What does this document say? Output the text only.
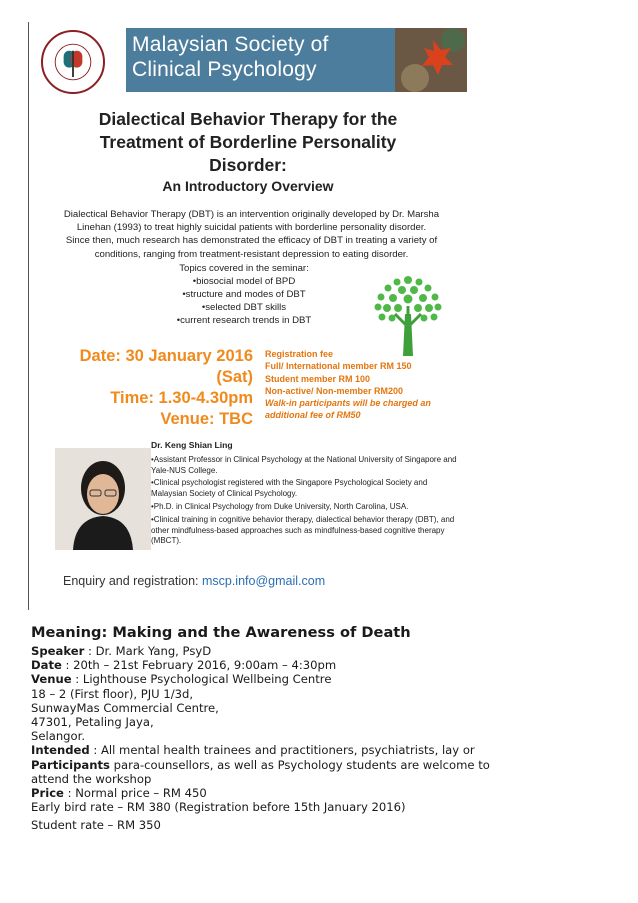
Malaysian Society of
Clinical Psychology
Dialectical Behavior Therapy for the
Treatment of Borderline Personality
Disorder:
An Introductory Overview
Dialectical Behavior Therapy (DBT) is an intervention originally developed by Dr. Marsha
Linehan (1993) to treat highly suicidal patients with borderline personality disorder.
Since then, much research has demonstrated the efficacy of DBT in treating a variety of
conditions, ranging from treatment-resistant depression to eating disorder.
Topics covered in the seminar:
•biosocial model of BPD
•structure and modes of DBT
•selected DBT skills
•current research trends in DBT
Date: 30 January 2016 (Sat)
Time: 1.30-4.30pm
Venue: TBC
Registration fee
Full/ International member RM 150
Student member RM 100
Non-active/ Non-member RM200
Walk-in participants will be charged an
additional fee of RM50
Dr. Keng Shian Ling
•Assistant Professor in Clinical Psychology at the National University of Singapore and Yale-NUS College.
•Clinical psychologist registered with the Singapore Psychological Society and Malaysian Society of Clinical Psychology.
•Ph.D. in Clinical Psychology from Duke University, North Carolina, USA.
•Clinical training in cognitive behavior therapy, dialectical behavior therapy (DBT), and other mindfulness-based approaches such as mindfulness-based cognitive therapy (MBCT).
Enquiry and registration: mscp.info@gmail.com
Meaning: Making and the Awareness of Death
Speaker : Dr. Mark Yang, PsyD
Date : 20th – 21st February 2016, 9:00am – 4:30pm
Venue : Lighthouse Psychological Wellbeing Centre
18 – 2 (First floor), PJU 1/3d,
SunwayMas Commercial Centre,
47301, Petaling Jaya,
Selangor.
Intended : All mental health trainees and practitioners, psychiatrists, lay or
Participants para-counsellors, as well as Psychology students are welcome to attend the workshop
Price : Normal price – RM 450
Early bird rate – RM 380 (Registration before 15th January 2016)
Student rate – RM 350
